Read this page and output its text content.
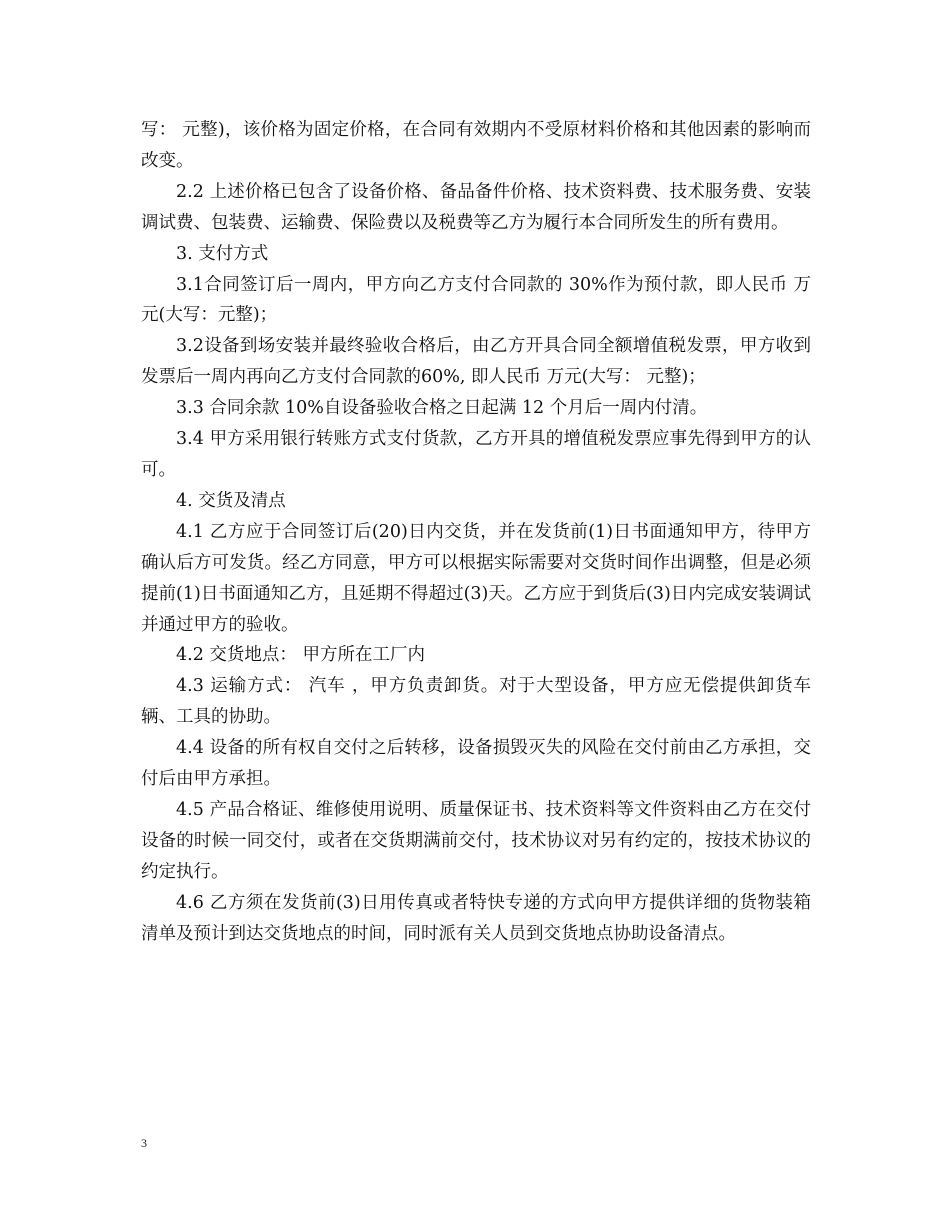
写： 元整)，该价格为固定价格，在合同有效期内不受原材料价格和其他因素的影响而改变。

2.2 上述价格已包含了设备价格、备品备件价格、技术资料费、技术服务费、安装调试费、包装费、运输费、保险费以及税费等乙方为履行本合同所发生的所有费用。

3. 支付方式

3.1合同签订后一周内，甲方向乙方支付合同款的 30%作为预付款，即人民币 万元(大写：元整)；

3.2设备到场安装并最终验收合格后，由乙方开具合同全额增值税发票，甲方收到发票后一周内再向乙方支付合同款的60%, 即人民币 万元(大写： 元整)；

3.3 合同余款 10%自设备验收合格之日起满 12 个月后一周内付清。

3.4 甲方采用银行转账方式支付货款，乙方开具的增值税发票应事先得到甲方的认可。

4. 交货及清点

4.1 乙方应于合同签订后(20)日内交货，并在发货前(1)日书面通知甲方，待甲方确认后方可发货。经乙方同意，甲方可以根据实际需要对交货时间作出调整，但是必须提前(1)日书面通知乙方，且延期不得超过(3)天。乙方应于到货后(3)日内完成安装调试并通过甲方的验收。

4.2 交货地点： 甲方所在工厂内

4.3 运输方式： 汽车 ，甲方负责卸货。对于大型设备，甲方应无偿提供卸货车辆、工具的协助。

4.4 设备的所有权自交付之后转移，设备损毁灭失的风险在交付前由乙方承担，交付后由甲方承担。

4.5 产品合格证、维修使用说明、质量保证书、技术资料等文件资料由乙方在交付设备的时候一同交付，或者在交货期满前交付，技术协议对另有约定的，按技术协议的约定执行。

4.6 乙方须在发货前(3)日用传真或者特快专递的方式向甲方提供详细的货物装箱清单及预计到达交货地点的时间，同时派有关人员到交货地点协助设备清点。

3
